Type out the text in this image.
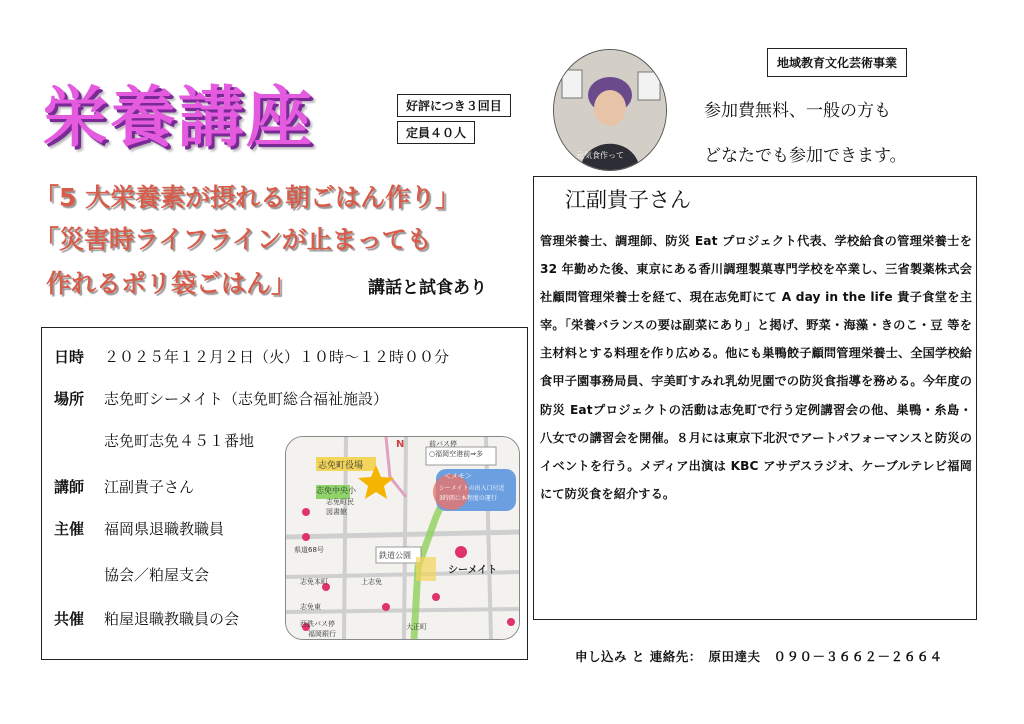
栄養講座	好評につき３回目
定員４０人
地域教育文化芸術事業
「5 大栄養素が摂れる朝ごはん作り」
「災害時ライフラインが止まっても
作れるポリ袋ごはん」	講話と試食あり
日時 ２０２５年１２月２日（火）１０時〜１２時００分
場所 志免町シーメイト（志免町総合福祉施設）
志免町志免４５１番地
講師 江副貴子さん
主催 福岡県退職教職員
協会／粕屋支会
共催 粕屋退職教職員の会
志免町役場
志免中央小
志免町民
図書館
前バス停
○福岡空港前⇒多
＜メモ＞
シーメイトの出入口付近
3時間に本程度の運行
鉄道公園
シーメイト
県道68号
志免本町
志免東
西鉄バス停
福岡銀行
大正町
上志免
N
元気食作って
参加費無料、一般の方も
どなたでも参加できます。
江副貴子さん
管理栄養士、調理師、防災 Eat プロジェクト代表、学校給食の管理栄養士を 32 年勤めた後、東京にある香川調理製菓専門学校を卒業し、三省製薬株式会社顧問管理栄養士を経て、現在志免町にて A day in the life 貴子食堂を主宰。「栄養バランスの要は副菜にあり」と掲げ、野菜・海藻・きのこ・豆 等を主材料とする料理を作り広める。他にも巣鴨餃子顧問管理栄養士、全国学校給食甲子園事務局員、宇美町すみれ乳幼児園での防災食指導を務める。今年度の防災 Eatプロジェクトの活動は志免町で行う定例講習会の他、巣鴨・糸島・八女での講習会を開催。８月には東京下北沢でアートパフォーマンスと防災のイベントを行う。メディア出演は KBC アサデスラジオ、ケーブルテレビ福岡にて防災食を紹介する。
申し込み と 連絡先：　原田達夫　０９０－３６６２－２６６４
